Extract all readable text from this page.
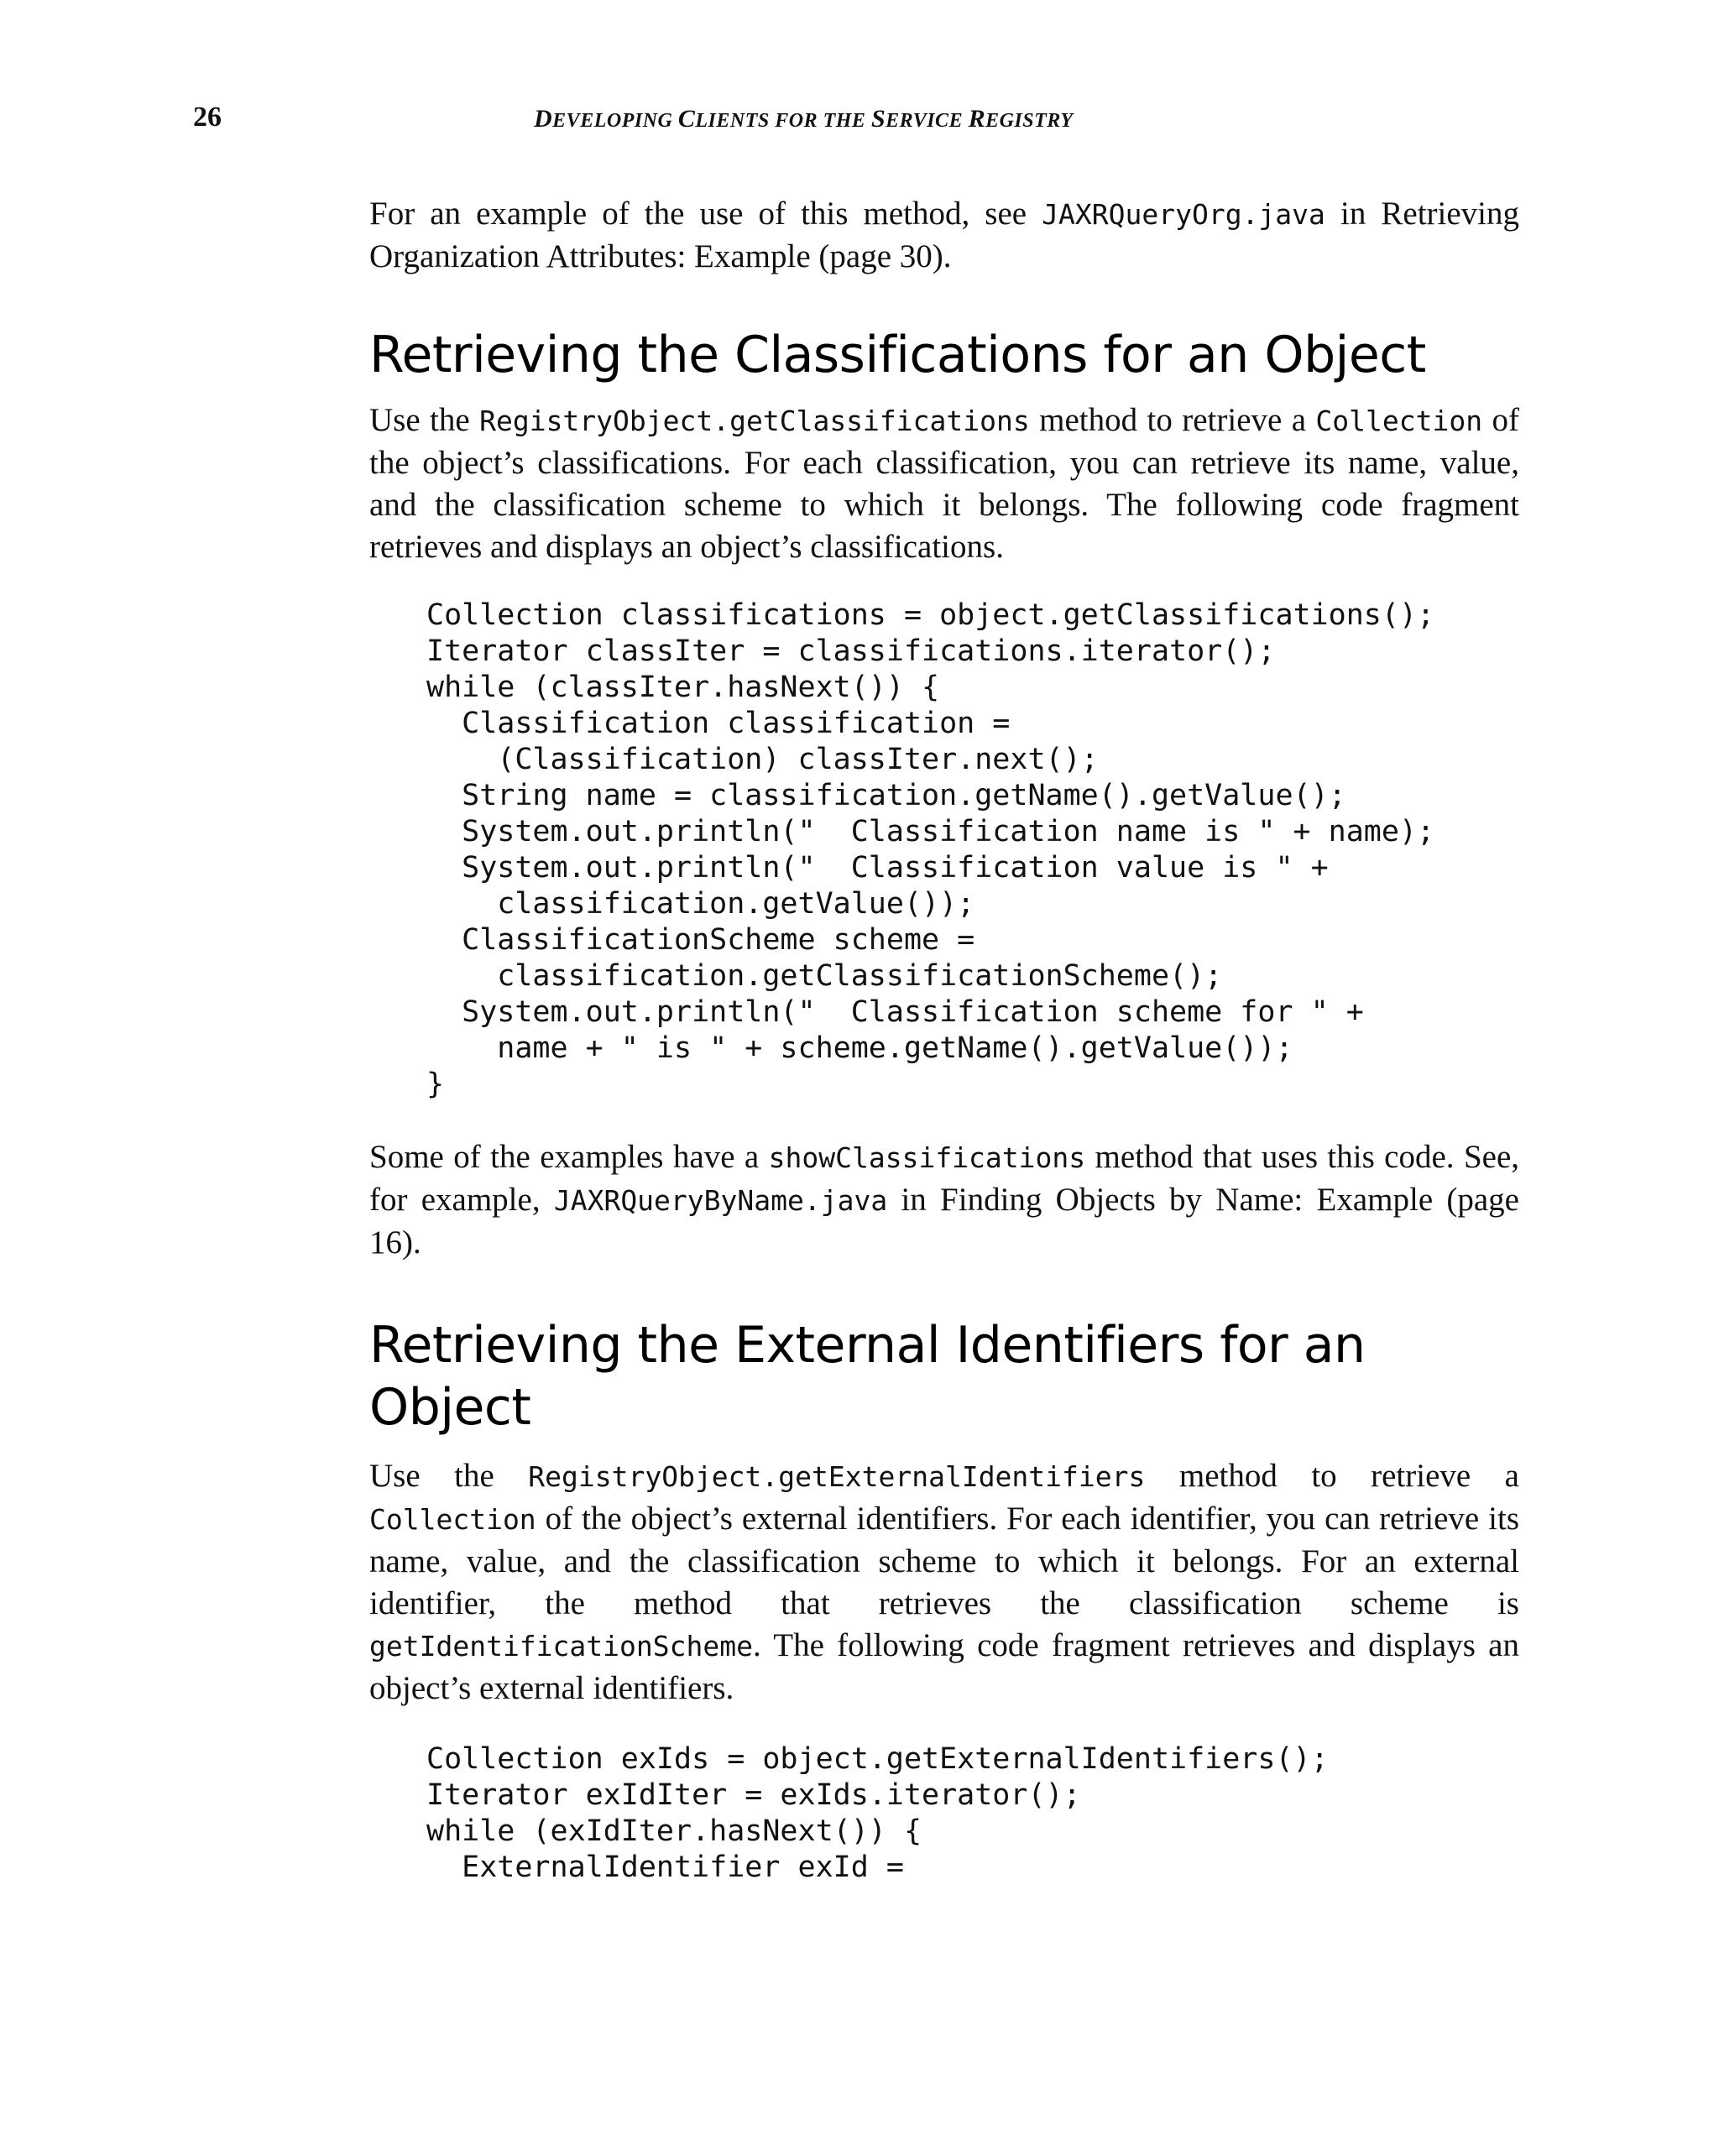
26	DEVELOPING CLIENTS FOR THE SERVICE REGISTRY

For an example of the use of this method, see JAXRQueryOrg.java in Retrieving Organization Attributes: Example (page 30).

Retrieving the Classifications for an Object

Use the RegistryObject.getClassifications method to retrieve a Collection of the object’s classifications. For each classification, you can retrieve its name, value, and the classification scheme to which it belongs. The following code fragment retrieves and displays an object’s classifications.

Collection classifications = object.getClassifications();
Iterator classIter = classifications.iterator();
while (classIter.hasNext()) {
Classification classification =
(Classification) classIter.next();
String name = classification.getName().getValue();
System.out.println("  Classification name is " + name);
System.out.println("  Classification value is " +
classification.getValue());
ClassificationScheme scheme =
classification.getClassificationScheme();
System.out.println("  Classification scheme for " +
name + " is " + scheme.getName().getValue());
}

Some of the examples have a showClassifications method that uses this code. See, for example, JAXRQueryByName.java in Finding Objects by Name: Example (page 16).

Retrieving the External Identifiers for an
Object

Use the RegistryObject.getExternalIdentifiers method to retrieve a Collection of the object’s external identifiers. For each identifier, you can retrieve its name, value, and the classification scheme to which it belongs. For an external identifier, the method that retrieves the classification scheme is getIdentificationScheme. The following code fragment retrieves and displays an object’s external identifiers.

Collection exIds = object.getExternalIdentifiers();
Iterator exIdIter = exIds.iterator();
while (exIdIter.hasNext()) {
ExternalIdentifier exId =
